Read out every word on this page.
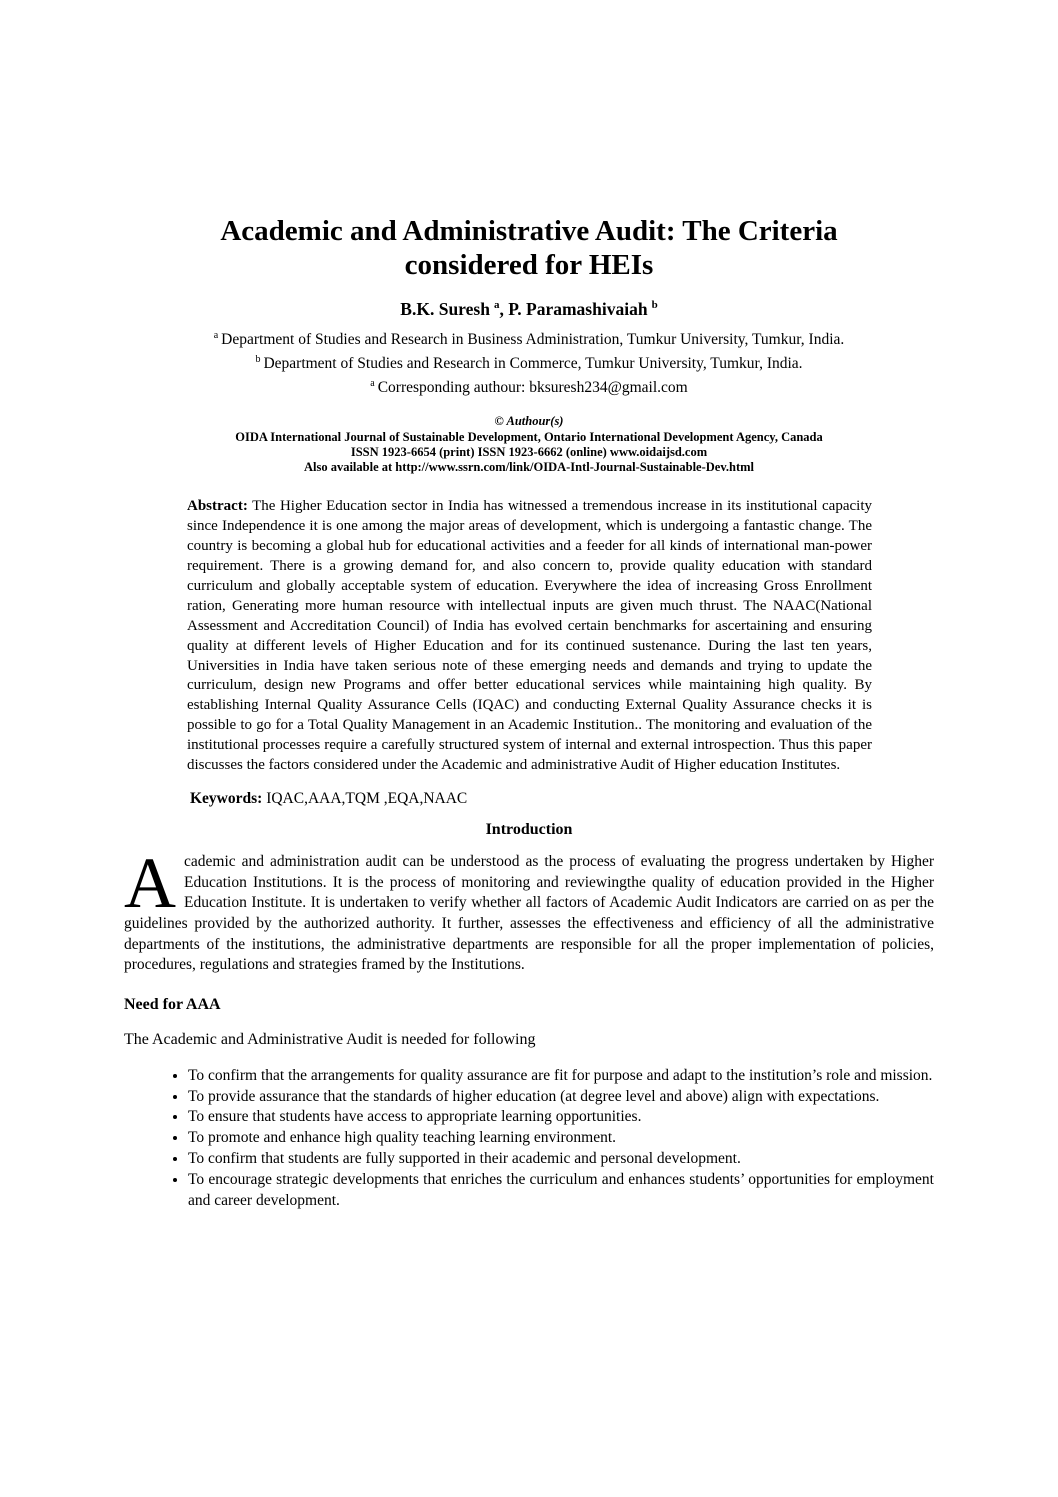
Academic and Administrative Audit: The Criteria
considered for HEIs
B.K. Suresh $^a$, P. Paramashivaiah $^b$
$^a$ Department of Studies and Research in Business Administration, Tumkur University, Tumkur, India.
$^b$ Department of Studies and Research in Commerce, Tumkur University, Tumkur, India.
$^a$ Corresponding authour: bksuresh234@gmail.com
© Authour(s)
OIDA International Journal of Sustainable Development, Ontario International Development Agency, Canada
ISSN 1923-6654 (print) ISSN 1923-6662 (online) www.oidaijsd.com
Also available at http://www.ssrn.com/link/OIDA-Intl-Journal-Sustainable-Dev.html

Abstract: The Higher Education sector in India has witnessed a tremendous increase in its institutional capacity since Independence it is one among the major areas of development, which is undergoing a fantastic change. The country is becoming a global hub for educational activities and a feeder for all kinds of international man-power requirement. There is a growing demand for, and also concern to, provide quality education with standard curriculum and globally acceptable system of education. Everywhere the idea of increasing Gross Enrollment ration, Generating more human resource with intellectual inputs are given much thrust. The NAAC(National Assessment and Accreditation Council) of India has evolved certain benchmarks for ascertaining and ensuring quality at different levels of Higher Education and for its continued sustenance. During the last ten years, Universities in India have taken serious note of these emerging needs and demands and trying to update the curriculum, design new Programs and offer better educational services while maintaining high quality. By establishing Internal Quality Assurance Cells (IQAC) and conducting External Quality Assurance checks it is possible to go for a Total Quality Management in an Academic Institution.. The monitoring and evaluation of the institutional processes require a carefully structured system of internal and external introspection. Thus this paper discusses the factors considered under the Academic and administrative Audit of Higher education Institutes.

Keywords: IQAC,AAA,TQM ,EQA,NAAC

Introduction

Academic and administration audit can be understood as the process of evaluating the progress undertaken by Higher Education Institutions. It is the process of monitoring and reviewingthe quality of education provided in the Higher Education Institute. It is undertaken to verify whether all factors of Academic Audit Indicators are carried on as per the guidelines provided by the authorized authority. It further, assesses the effectiveness and efficiency of all the administrative departments of the institutions, the administrative departments are responsible for all the proper implementation of policies, procedures, regulations and strategies framed by the Institutions.

Need for AAA

The Academic and Administrative Audit is needed for following

• To confirm that the arrangements for quality assurance are fit for purpose and adapt to the institution’s role and mission.
• To provide assurance that the standards of higher education (at degree level and above) align with expectations.
• To ensure that students have access to appropriate learning opportunities.
• To promote and enhance high quality teaching learning environment.
• To confirm that students are fully supported in their academic and personal development.
• To encourage strategic developments that enriches the curriculum and enhances students’ opportunities for employment and career development.
